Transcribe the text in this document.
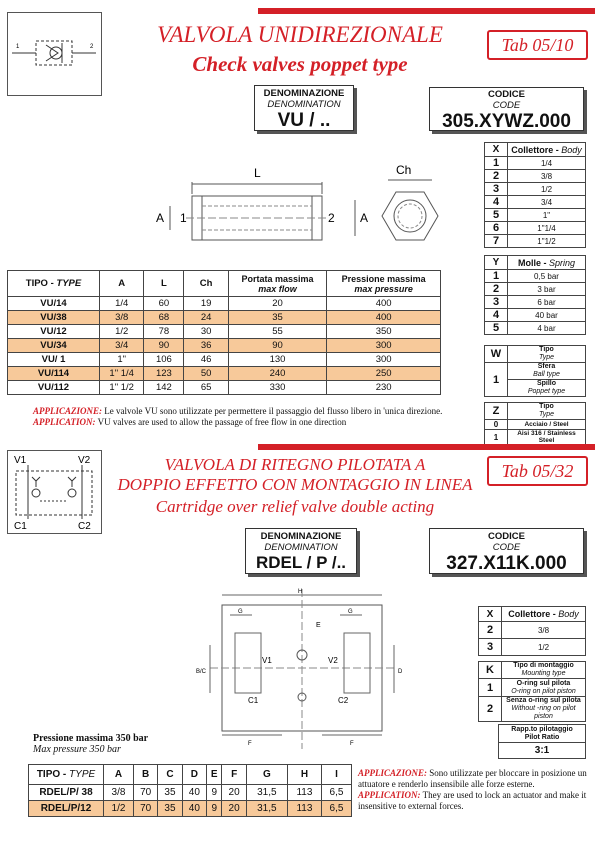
1	2	VALVOLA UNIDIREZIONALE
Check valves poppet type
Tab 05/10
DENOMINAZIONE
DENOMINATION
VU / ..
CODICE
CODE
305.XYWZ.000
L
1	2
A	A
Ch
TIPO - TYPE	A	L	Ch	Portata massima
max flow	Pressione massima
max pressure
VU/14	1/4	60	19	20	400
VU/38	3/8	68	24	35	400
VU/12	1/2	78	30	55	350
VU/34	3/4	90	36	90	300
VU/ 1	1"	106	46	130	300
VU/114	1" 1/4	123	50	240	250
VU/112	1" 1/2	142	65	330	230
APPLICAZIONE: Le valvole VU sono utilizzate per permettere il passaggio del flusso libero in 'unica direzione.
APPLICATION: VU valves are used to allow the passage of free flow in one direction
X	Collettore - Body
1	1/4
2	3/8
3	1/2
4	3/4
5	1"
6	1"1/4
7	1"1/2
Y	Molle - Spring
1	0,5 bar
2	3 bar
3	6 bar
4	40 bar
5	4 bar
W	Tipo
Type
1	Sfera
Ball type
	Spillo
Poppet type
Z	Tipo
Type
0	Acciaio / Steel
1	Aisi 316 / Stainless Steel
V1	V2
C1	C2
VALVOLA DI RITEGNO PILOTATA A
DOPPIO EFFETTO CON MONTAGGIO IN LINEA
Cartridge over relief valve double acting
Tab 05/32
DENOMINAZIONE
DENOMINATION
RDEL / P /..
CODICE
CODE
327.X11K.000
V1	V2
C1	C2
E
B/C	D
F	F
G	G
H
X	Collettore - Body
2	3/8
3	1/2
K	Tipo di montaggio
Mounting type
1	O-ring sul pilota
O-ring on pilot piston
2	Senza o-ring sul pilota
Without -ring on pilot piston
Rapp.to pilotaggio
Pilot Ratio
3:1
Pressione massima 350 bar
Max pressure 350 bar
TIPO - TYPE	A	B	C	D	E	F	G	H	I
RDEL/P/ 38	3/8	70	35	40	9	20	31,5	113	6,5
RDEL/P/12	1/2	70	35	40	9	20	31,5	113	6,5
APPLICAZIONE: Sono utilizzate per bloccare in posizione un attuatore e renderlo insensibile alle forze esterne.
APPLICATION: They are used to lock an actuator and make it insensitive to external forces.
